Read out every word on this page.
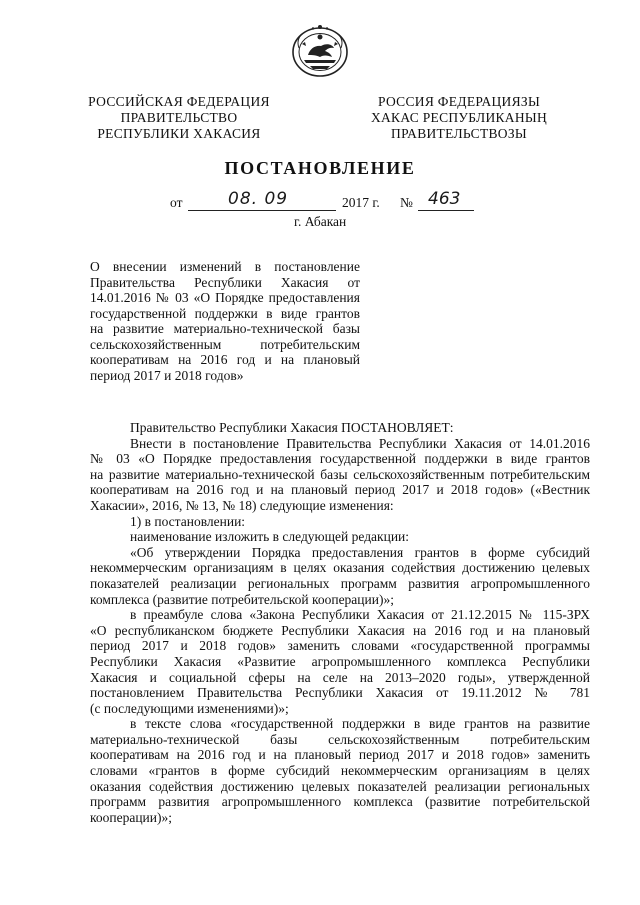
РОССИЙСКАЯ ФЕДЕРАЦИЯ
ПРАВИТЕЛЬСТВО
РЕСПУБЛИКИ ХАКАСИЯ
РОССИЯ ФЕДЕРАЦИЯЗЫ
ХАКАС РЕСПУБЛИКАНЫҢ
ПРАВИТЕЛЬСТВОЗЫ
ПОСТАНОВЛЕНИЕ
от	08. 09	2017 г. № 463
г. Абакан
О внесении изменений в постановление
Правительства Республики Хакасия от
14.01.2016 № 03 «О Порядке предоставления
государственной поддержки в виде грантов
на развитие материально-технической базы
сельскохозяйственным потребительским
кооперативам на 2016 год и на плановый
период 2017 и 2018 годов»

Правительство Республики Хакасия ПОСТАНОВЛЯЕТ:

Внести в постановление Правительства Республики Хакасия от 14.01.2016
№ 03 «О Порядке предоставления государственной поддержки в виде грантов
на развитие материально-технической базы сельскохозяйственным потребительским
кооперативам на 2016 год и на плановый период 2017 и 2018 годов» («Вестник
Хакасии», 2016, № 13, № 18) следующие изменения:

1) в постановлении:

наименование изложить в следующей редакции:

«Об утверждении Порядка предоставления грантов в форме субсидий
некоммерческим организациям в целях оказания содействия достижению целевых
показателей реализации региональных программ развития агропромышленного
комплекса (развитие потребительской кооперации)»;

в преамбуле слова «Закона Республики Хакасия от 21.12.2015 № 115-ЗРХ
«О республиканском бюджете Республики Хакасия на 2016 год и на плановый
период 2017 и 2018 годов» заменить словами «государственной программы
Республики Хакасия «Развитие агропромышленного комплекса Республики
Хакасия и социальной сферы на селе на 2013–2020 годы», утвержденной
постановлением Правительства Республики Хакасия от 19.11.2012 № 781
(с последующими изменениями)»;

в тексте слова «государственной поддержки в виде грантов на развитие
материально-технической базы сельскохозяйственным потребительским
кооперативам на 2016 год и на плановый период 2017 и 2018 годов» заменить
словами «грантов в форме субсидий некоммерческим организациям в целях
оказания содействия достижению целевых показателей реализации региональных
программ развития агропромышленного комплекса (развитие потребительской
кооперации)»;
